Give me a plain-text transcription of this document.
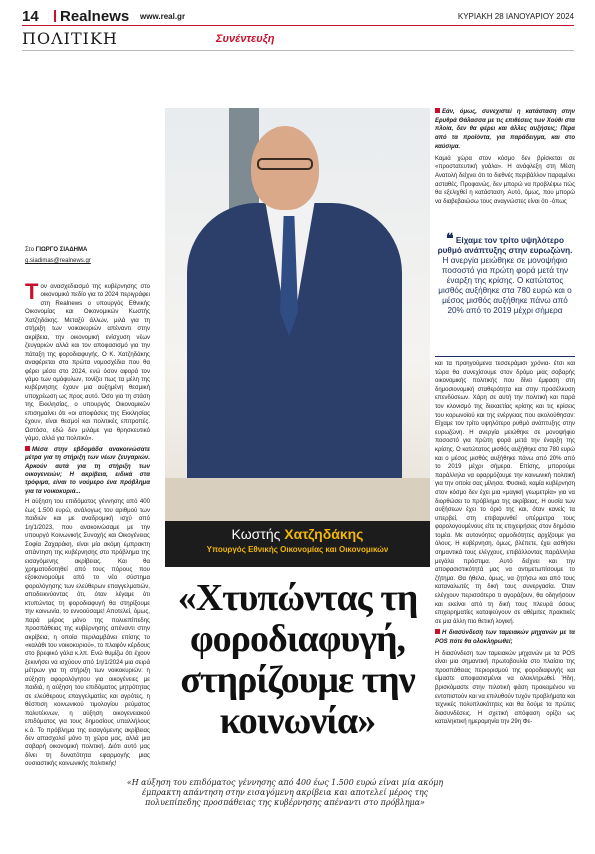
14 Realnews www.real.gr	ΚΥΡΙΑΚΗ 28 ΙΑΝΟΥΑΡΙΟΥ 2024
ΠΟΛΙΤΙΚΗ	Συνέντευξη
Στο ΓΙΩΡΓΟ ΣΙΑΔΗΜΑ
g.siadimas@realnews.gr

Τον ανασχεδιασμό της κυβέρνησης στο οικονομικό πεδίο για το 2024 περιγράφει στη Realnews ο υπουργός Εθνικής Οικονομίας και Οικονομικών Κωστής Χατζηδάκης. Μεταξύ άλλων, μιλά για τη στήριξη των νοικοκυριών απέναντι στην ακρίβεια, την οικονομική ενίσχυση νέων ζευγαριών αλλά και τον αποφασισμό για την πάταξη της φοροδιαφυγής. Ο Κ. Χατζηδάκης αναφέρεται στα πρώτα νομοσχέδια που θα φέρει μέσα στο 2024, ενώ όσον αφορά τον γάμο των ομόφυλων, τονίζει πως τα μέλη της κυβέρνησης έχουν μια αυξημένη θεσμική υποχρέωση ως προς αυτό. Όσο για τη στάση της Εκκλησίας, ο υπουργός Οικονομικών επισημαίνει ότι «οι αποφάσεις της Εκκλησίας έχουν, είναι θεσμοί και πολιτικές επιτροπές. Ωστόσο, εδώ δεν μιλάμε για θρησκευτικό γάμο, αλλά για πολιτικό».

Μέσα στην εβδομάδα ανακοινώσατε μέτρα για τη στήριξη των νέων ζευγαριών. Αρκούν αυτά για τη στήριξη των οικογενειών; Η ακρίβεια, ειδικά στα τρόφιμα, είναι το νούμερο ένα πρόβλημα για τα νοικοκυριά...

Η αύξηση του επιδόματος γέννησης από 400 έως 1.500 ευρώ, ανάλογως του αριθμού των παιδιών και με αναδρομική ισχύ από 1η/1/2023, που ανακοινώσαμε με την υπουργό Κοινωνικής Συνοχής και Οικογένειας Σοφία Ζαχαράκη, είναι μία ακόμη έμπρακτη απάντηση της κυβέρνησης στο πρόβλημα της εισαγόμενης ακρίβειας. Και θα χρηματοδοτηθεί από τους πόρους που εξοικονομούμε από το νέο σύστημα φορολόγησης των ελεύθερων επαγγελματιών, αποδεικνύοντας ότι, όταν λέγαμε ότι κτυπώντας τη φοροδιαφυγή θα στηρίξουμε την κοινωνία, το εννοούσαμε! Αποτελεί, όμως, παρά μέρος μόνο της πολυεπίπεδης προσπάθειας της κυβέρνησης απέναντι στην ακρίβεια, η οποία περιλαμβάνει επίσης το «καλάθι του νοικοκυριού», το πλαφόν κέρδους στο βρεφικό γάλα κ.λπ. Ενώ θυμίζω ότι έχουν ξεκινήσει να ισχύουν από 1η/1/2024 μια σειρά μέτρων για τη στήριξη των νοικοκυριών: η αύξηση αφορολόγητου για οικογένειες με παιδιά, η αύξηση του επιδόματος μητρότητας σε ελεύθερους επαγγελματίες και αγρότες, η θέσπιση κοινωνικού τιμολογίου ρεύματος πολυτέκνων, η αύξηση οικογενειακού επιδόματος για τους δημοσίους υπαλλήλους κ.ά. Το πρόβλημα της εισαγόμενης ακρίβειας δεν απασχολεί μόνο τη χώρα μας, αλλά μια σοβαρή οικονομική πολιτική. Διότι αυτό μας δίνει τη δυνατότητα εφαρμογής μιας ουσιαστικής κοινωνικής πολιτικής!

Εάν, όμως, συνεχιστεί η κατάσταση στην Ερυθρά Θάλασσα με τις επιθέσεις των Χούθι στα πλοία, δεν θα φέρει και άλλες αυξήσεις; Πέρα από τα προϊόντα, για παράδειγμα, και στο καύσιμα.

Καμιά χώρα στον κόσμο δεν βρίσκεται σε «προστατευτική γυάλα». Η ανάφλεξη στη Μέση Ανατολή δείχνει ότι το διεθνές περιβάλλον παραμένει ασταθές. Προφανώς, δεν μπορώ να προβλέψω πώς θα εξελιχθεί η κατάσταση. Αυτό, όμως, που μπορώ να διαβεβαιώσω τους αναγνώστες είναι ότι -όπως

❝ Είχαμε τον τρίτο υψηλότερο ρυθμό ανάπτυξης στην ευρωζώνη. Η ανεργία μειώθηκε σε μονοψήφιο ποσοστό για πρώτη φορά μετά την έναρξη της κρίσης. Ο κατώτατος μισθός αυξήθηκε στα 780 ευρώ και ο μέσος μισθός αυξήθηκε πάνω από 20% από το 2019 μέχρι σήμερα

και τα προηγούμενα τεσσεράμισι χρόνια- έτσι και τώρα θα συνεχίσουμε στον δρόμο μιας σοβαρής οικονομικής πολιτικής που δίνει έμφαση στη δημοσιονομική σταθερότητα και στην προσέλκυση επενδύσεων. Χάρη σε αυτή την πολιτική και παρά τον κλονισμό της διεκαετίας κρίσης και τις κρίσεις του κορωνοϊού και της ενέργειας που ακολούθησαν: Είχαμε τον τρίτο υψηλότερο ρυθμό ανάπτυξης στην ευρωζώνη. Η ανεργία μειώθηκε σε μονοψήφιο ποσοστό για πρώτη φορά μετά την έναρξη της κρίσης. Ο κατώτατος μισθός αυξήθηκε στα 780 ευρώ και ο μέσος μισθός αυξήθηκε πάνω από 20% από το 2019 μέχρι σήμερα. Επίσης, μπορούμε παράλληλα να εφαρμόζουμε την κοινωνική πολιτική για την οποία σας μίλησα. Φυσικά, καμία κυβέρνηση στον κόσμο δεν έχει μια «μαγική γεωμετρία» για να διορθώσει το πρόβλημα της ακρίβειας. Η ουσία των αυξήσεων έχει το όριό της και, όταν κανείς τα υπερβεί, στη επιβαρυνθεί υπέρμετρα τους φορολογουμένους είτε τις επιχειρήσεις στον δημόσιο τομέα. Με αυτονόητες αρμοδιότητες αρχίζουμε για όλους. Η κυβέρνηση, όμως, βλέπετε, έχει ασθήσει σημαντικά τους ελέγχους, επιβάλλοντας παράλληλα μεγάλα πρόστιμα. Αυτό δείχνει και την αποφασιστικότητά μας να αντιμετωπίσουμε το ζήτημα. Θα ήθελα, όμως, να ζητήσω και από τους καταναλωτές τη δική τους συνεργασία. Όταν ελέγχουν περισσότερο τι αγοράζουν, θα οδηγήσουν και εκείνοι από τη δική τους πλευρά όσους επιχειρηματίες καταφεύγουν σε αθέμιτες πρακτικές σε μια άλλη πιο θετική λογική.

Η διασύνδεση των ταμειακών μηχανών με τα POS πότε θα ολοκληρωθεί;

Η διασύνδεση των ταμειακών μηχανών με τα POS είναι μια σημαντική πρωτοβουλία στο πλαίσιο της προσπάθειας περιορισμού της φοροδιαφυγής και είμαστε αποφασισμένοι να ολοκληρωθεί. Ήδη, βρισκόμαστε στην πιλοτική φάση προκειμένου να εντοπιστούν και να επιλυθούν τυχόν προβλήματα και τεχνικές πολυπλοκότητες και θα δούμε τα πρώτες διασυνδέσεις. Η σχετική απόφαση ορίζει ως καταληκτική ημερομηνία την 29η Φε-

Κωστής Χατζηδάκης
Υπουργός Εθνικής Οικονομίας και Οικονομικών
«Χτυπώντας τη φοροδιαφυγή, στηρίζουμε την κοινωνία»

«Η αύξηση του επιδόματος γέννησης από 400 έως 1.500 ευρώ είναι μία ακόμη έμπρακτη απάντηση στην εισαγόμενη ακρίβεια και αποτελεί μέρος της πολυεπίπεδης προσπάθειας της κυβέρνησης απέναντι στο πρόβλημα»
